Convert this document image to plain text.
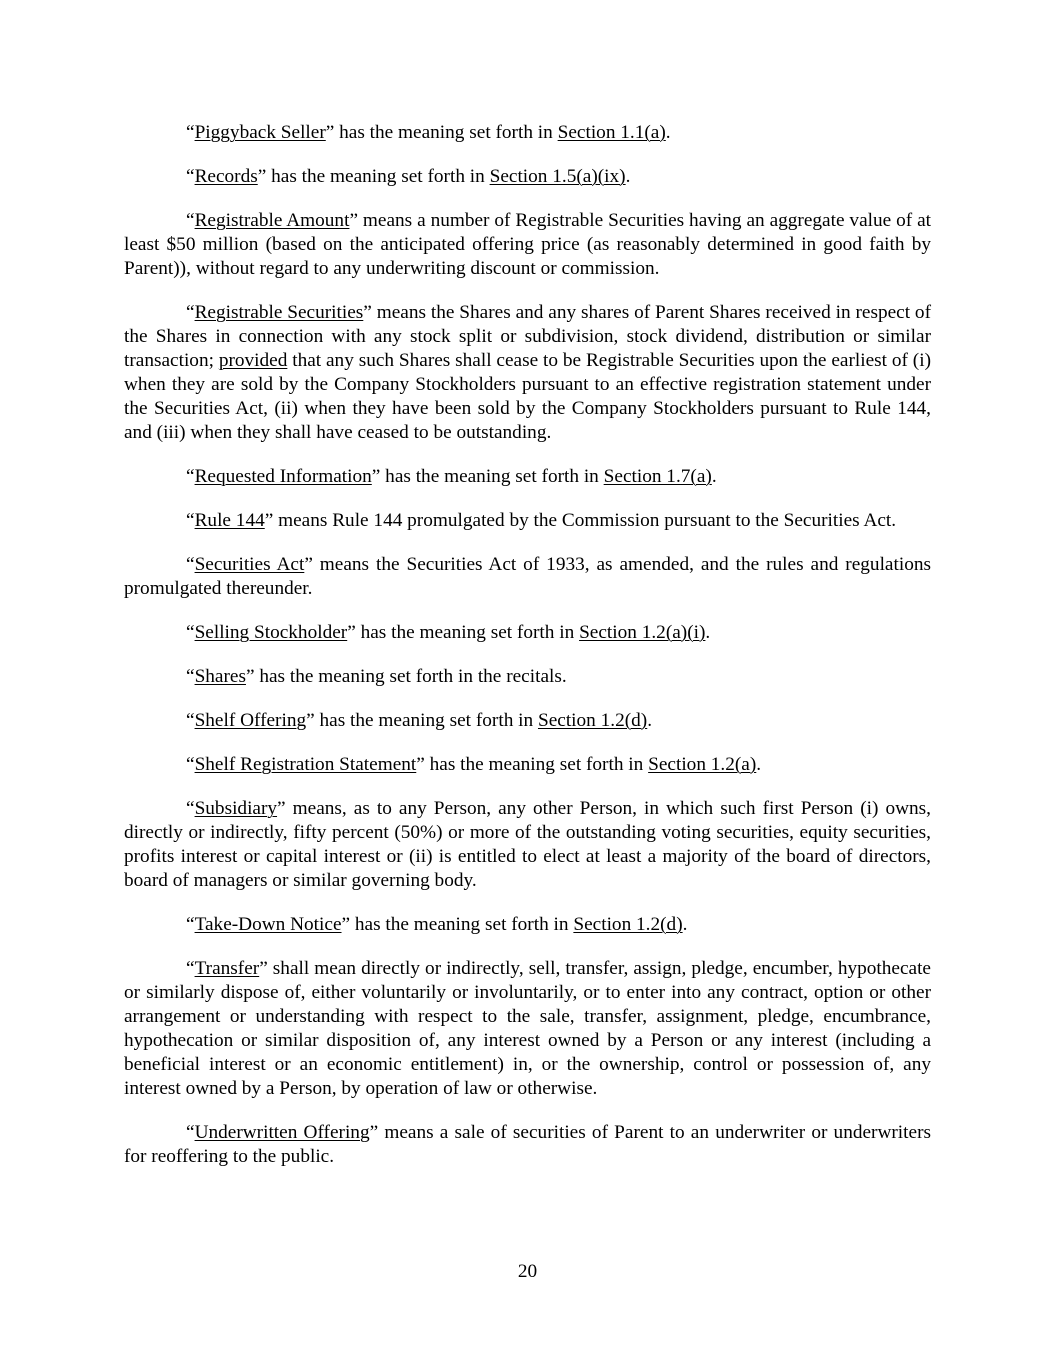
“Piggyback Seller” has the meaning set forth in Section 1.1(a).

“Records” has the meaning set forth in Section 1.5(a)(ix).

“Registrable Amount” means a number of Registrable Securities having an aggregate value of at least $50 million (based on the anticipated offering price (as reasonably determined in good faith by Parent)), without regard to any underwriting discount or commission.

“Registrable Securities” means the Shares and any shares of Parent Shares received in respect of the Shares in connection with any stock split or subdivision, stock dividend, distribution or similar transaction; provided that any such Shares shall cease to be Registrable Securities upon the earliest of (i) when they are sold by the Company Stockholders pursuant to an effective registration statement under the Securities Act, (ii) when they have been sold by the Company Stockholders pursuant to Rule 144, and (iii) when they shall have ceased to be outstanding.

“Requested Information” has the meaning set forth in Section 1.7(a).

“Rule 144” means Rule 144 promulgated by the Commission pursuant to the Securities Act.

“Securities Act” means the Securities Act of 1933, as amended, and the rules and regulations promulgated thereunder.

“Selling Stockholder” has the meaning set forth in Section 1.2(a)(i).

“Shares” has the meaning set forth in the recitals.

“Shelf Offering” has the meaning set forth in Section 1.2(d).

“Shelf Registration Statement” has the meaning set forth in Section 1.2(a).

“Subsidiary” means, as to any Person, any other Person, in which such first Person (i) owns, directly or indirectly, fifty percent (50%) or more of the outstanding voting securities, equity securities, profits interest or capital interest or (ii) is entitled to elect at least a majority of the board of directors, board of managers or similar governing body.

“Take-Down Notice” has the meaning set forth in Section 1.2(d).

“Transfer” shall mean directly or indirectly, sell, transfer, assign, pledge, encumber, hypothecate or similarly dispose of, either voluntarily or involuntarily, or to enter into any contract, option or other arrangement or understanding with respect to the sale, transfer, assignment, pledge, encumbrance, hypothecation or similar disposition of, any interest owned by a Person or any interest (including a beneficial interest or an economic entitlement) in, or the ownership, control or possession of, any interest owned by a Person, by operation of law or otherwise.

“Underwritten Offering” means a sale of securities of Parent to an underwriter or underwriters for reoffering to the public.

20
